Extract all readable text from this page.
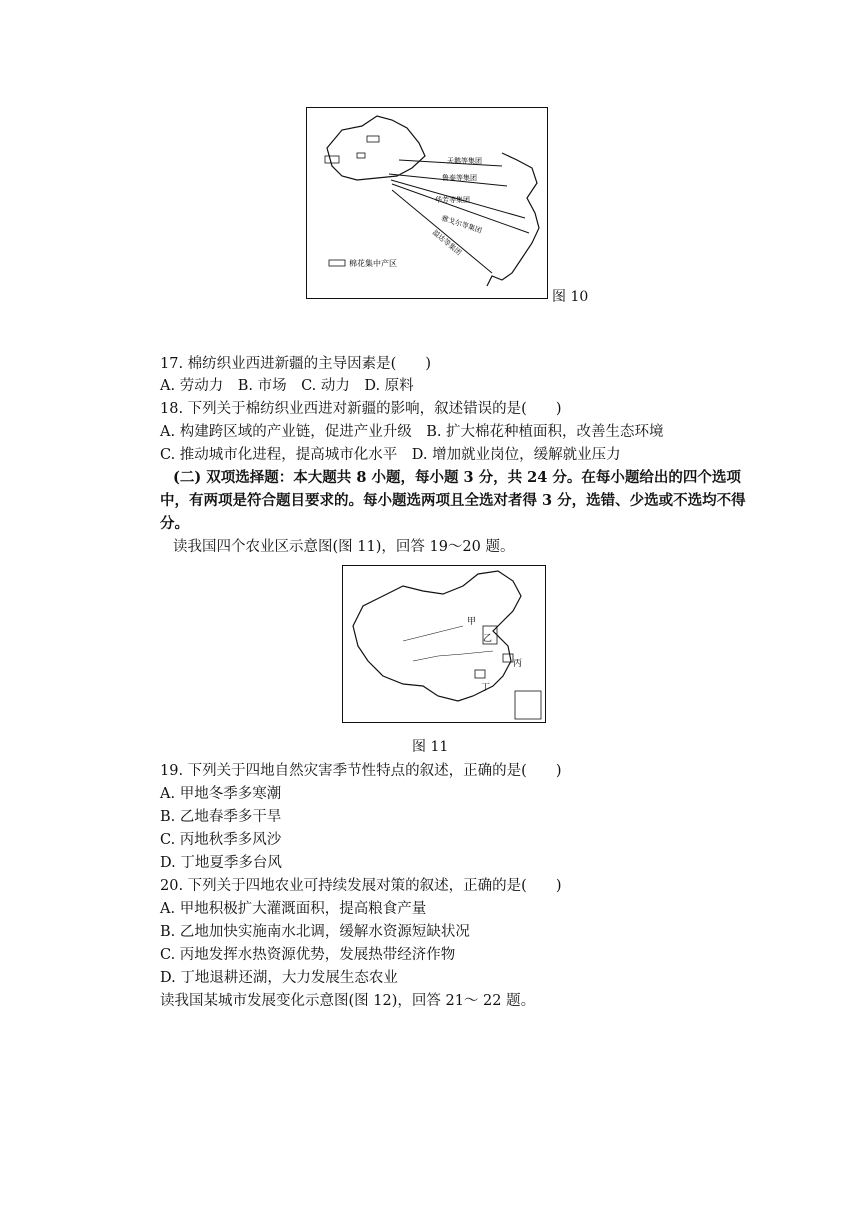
天鹅等集团
鲁泰等集团
华芳等集团
雅戈尔等集团
溢达等集团
棉花集中产区
图 10
17. 棉纺织业西进新疆的主导因素是(　　)
A. 劳动力　B. 市场　C. 动力　D. 原料
18. 下列关于棉纺织业西进对新疆的影响，叙述错误的是(　　)
A. 构建跨区域的产业链，促进产业升级　B. 扩大棉花种植面积，改善生态环境
C. 推动城市化进程，提高城市化水平　D. 增加就业岗位，缓解就业压力
(二) 双项选择题：本大题共 8 小题，每小题 3 分，共 24 分。在每小题给出的四个选项
中，有两项是符合题目要求的。每小题选两项且全选对者得 3 分，选错、少选或不选均不得
分。
读我国四个农业区示意图(图 11)，回答 19～20 题。
甲
乙
丙
丁
图 11
19. 下列关于四地自然灾害季节性特点的叙述，正确的是(　　)
A. 甲地冬季多寒潮
B. 乙地春季多干旱
C. 丙地秋季多风沙
D. 丁地夏季多台风
20. 下列关于四地农业可持续发展对策的叙述，正确的是(　　)
A. 甲地积极扩大灌溉面积，提高粮食产量
B. 乙地加快实施南水北调，缓解水资源短缺状况
C. 丙地发挥水热资源优势，发展热带经济作物
D. 丁地退耕还湖，大力发展生态农业
读我国某城市发展变化示意图(图 12)，回答 21～ 22 题。
